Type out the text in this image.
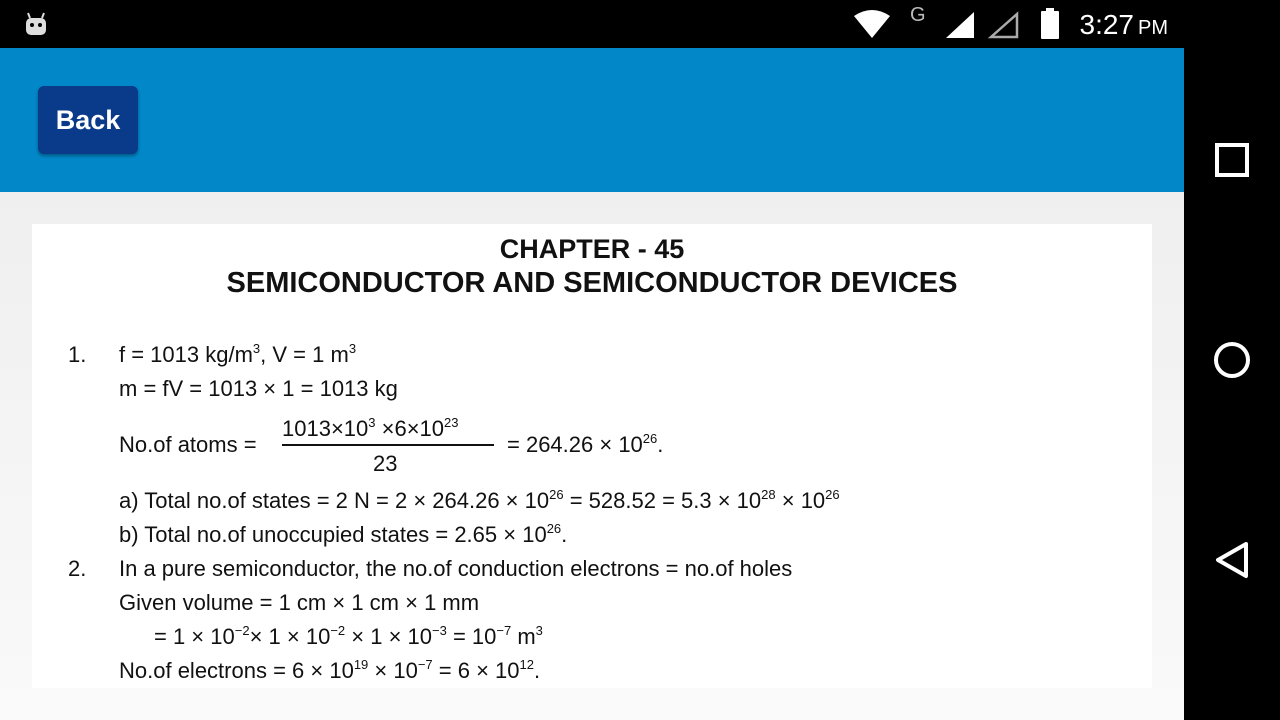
G	3:27 PM
Back
CHAPTER - 45
SEMICONDUCTOR AND SEMICONDUCTOR DEVICES
1. f = 1013 $kg/m^3$, V = 1 $m^3$
m = fV = 1013 × 1 = 1013 kg
No.of atoms =
$1013\times 10^3 \times 6\times 10^{23}$
23
= $264.26 \times 10^{26}$.
a) Total no.of states = 2 $N = 2 \times 264.26 \times 10^{26} = 528.52 = 5.3 \times 10^{28} \times 10^{26}$
b) Total no.of unoccupied states = $2.65 \times 10^{26}$.
2. In a pure semiconductor, the no.of conduction electrons = no.of holes
Given volume = 1 cm × 1 cm × 1 mm
= $1 \times 10^{-2}\times 1 \times 10^{-2} \times 1 \times 10^{-3} = 10^{-7}$ $m^3$
No.of electrons = $6 \times 10^{19} \times 10^{-7} = 6 \times 10^{12}$.
